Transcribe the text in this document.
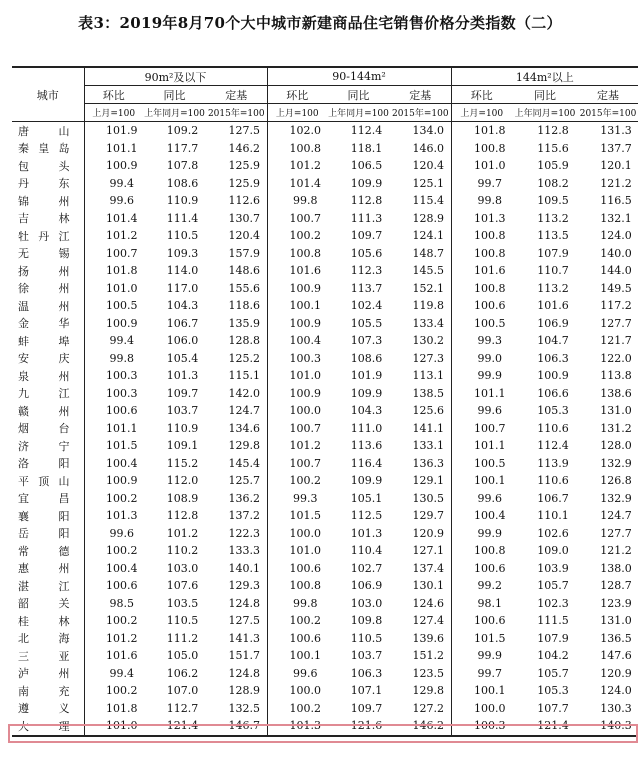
表3：2019年8月70个大中城市新建商品住宅销售价格分类指数（二）
城市	90m²及以下			90-144m²			144m²以上		
	环比	同比	定基	环比	同比	定基	环比	同比	定基
	上月=100	上年同月=100	2015年=100	上月=100	上年同月=100	2015年=100	上月=100	上年同月=100	2015年=100
唐山	101.9	109.2	127.5	102.0	112.4	134.0	101.8	112.8	131.3
秦皇岛	101.1	117.7	146.2	100.8	118.1	146.0	100.8	115.6	137.7
包头	100.9	107.8	125.9	101.2	106.5	120.4	101.0	105.9	120.1
丹东	99.4	108.6	125.9	101.4	109.9	125.1	99.7	108.2	121.2
锦州	99.6	110.9	112.6	99.8	112.8	115.4	99.8	109.5	116.5
吉林	101.4	111.4	130.7	100.7	111.3	128.9	101.3	113.2	132.1
牡丹江	101.2	110.5	120.4	100.2	109.7	124.1	100.8	113.5	124.0
无锡	100.7	109.3	157.9	100.8	105.6	148.7	100.8	107.9	140.0
扬州	101.8	114.0	148.6	101.6	112.3	145.5	101.6	110.7	144.0
徐州	101.0	117.0	155.6	100.9	113.7	152.1	100.8	113.2	149.5
温州	100.5	104.3	118.6	100.1	102.4	119.8	100.6	101.6	117.2
金华	100.9	106.7	135.9	100.9	105.5	133.4	100.5	106.9	127.7
蚌埠	99.4	106.0	128.8	100.4	107.3	130.2	99.3	104.7	121.7
安庆	99.8	105.4	125.2	100.3	108.6	127.3	99.0	106.3	122.0
泉州	100.3	101.3	115.1	101.0	101.9	113.1	99.9	100.9	113.8
九江	100.3	109.7	142.0	100.9	109.9	138.5	101.1	106.6	138.6
赣州	100.6	103.7	124.7	100.0	104.3	125.6	99.6	105.3	131.0
烟台	101.1	110.9	134.6	100.7	111.0	141.1	100.7	110.6	131.2
济宁	101.5	109.1	129.8	101.2	113.6	133.1	101.1	112.4	128.0
洛阳	100.4	115.2	145.4	100.7	116.4	136.3	100.5	113.9	132.9
平顶山	100.9	112.0	125.7	100.2	109.9	129.1	100.1	110.6	126.8
宜昌	100.2	108.9	136.2	99.3	105.1	130.5	99.6	106.7	132.9
襄阳	101.3	112.8	137.2	101.5	112.5	129.7	100.4	110.1	124.7
岳阳	99.6	101.2	122.3	100.0	101.3	120.9	99.9	102.6	127.7
常德	100.2	110.2	133.3	101.0	110.4	127.1	100.8	109.0	121.2
惠州	100.4	103.0	140.1	100.6	102.7	137.4	100.6	103.9	138.0
湛江	100.6	107.6	129.3	100.8	106.9	130.1	99.2	105.7	128.7
韶关	98.5	103.5	124.8	99.8	103.0	124.6	98.1	102.3	123.9
桂林	100.2	110.5	127.5	100.2	109.8	127.4	100.6	111.5	131.0
北海	101.2	111.2	141.3	100.6	110.5	139.6	101.5	107.9	136.5
三亚	101.6	105.0	151.7	100.1	103.7	151.2	99.9	104.2	147.6
泸州	99.4	106.2	124.8	99.6	106.3	123.5	99.7	105.7	120.9
南充	100.2	107.0	128.9	100.0	107.1	129.8	100.1	105.3	124.0
遵义	101.8	112.7	132.5	100.2	109.7	127.2	100.0	107.7	130.3
大理	101.0	121.4	146.7	101.3	121.6	146.2	100.3	121.4	140.3
